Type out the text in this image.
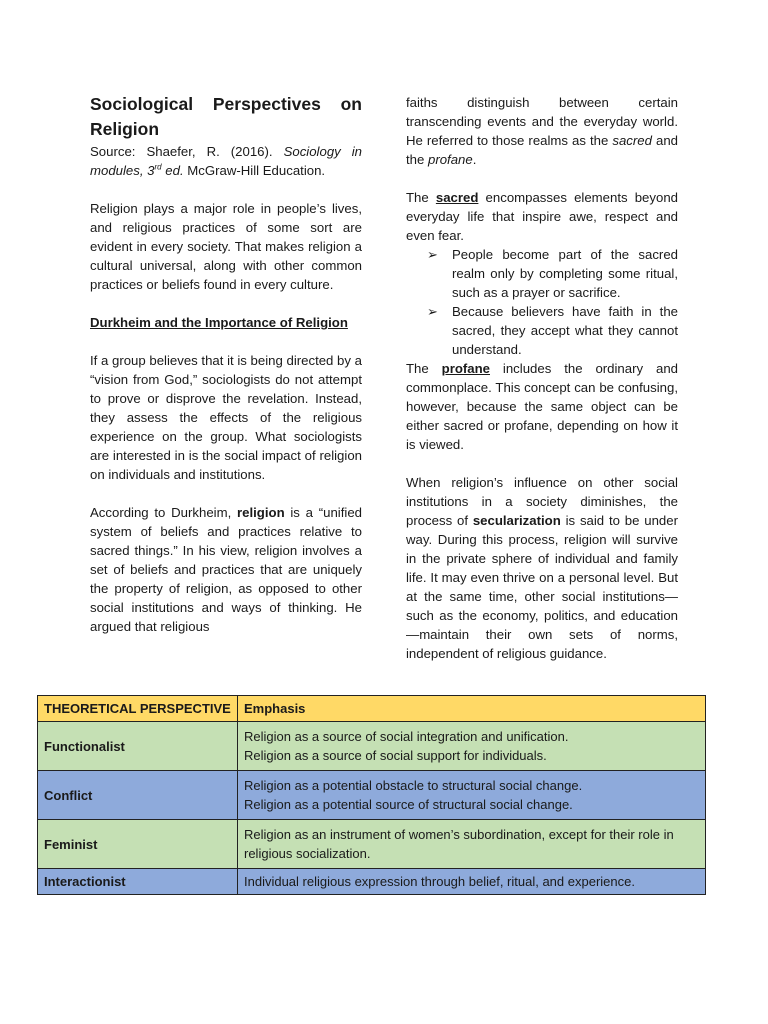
Sociological Perspectives on
Religion

Source: Shaefer, R. (2016). Sociology in modules, 3rd ed. McGraw-Hill Education.

Religion plays a major role in people’s lives, and religious practices of some sort are evident in every society. That makes religion a cultural universal, along with other common practices or beliefs found in every culture.

Durkheim and the Importance of Religion

If a group believes that it is being directed by a “vision from God,” sociologists do not attempt to prove or disprove the revelation. Instead, they assess the effects of the religious experience on the group. What sociologists are interested in is the social impact of religion on individuals and institutions.

According to Durkheim, religion is a “unified system of beliefs and practices relative to sacred things.” In his view, religion involves a set of beliefs and practices that are uniquely the property of religion, as opposed to other social institutions and ways of thinking. He argued that religious

faiths distinguish between certain transcending events and the everyday world. He referred to those realms as the sacred and the profane.

The sacred encompasses elements beyond everyday life that inspire awe, respect and even fear.

➢ People become part of the sacred realm only by completing some ritual, such as a prayer or sacrifice.
➢ Because believers have faith in the sacred, they accept what they cannot understand.

The profane includes the ordinary and commonplace. This concept can be confusing, however, because the same object can be either sacred or profane, depending on how it is viewed.

When religion’s influence on other social institutions in a society diminishes, the process of secularization is said to be under way. During this process, religion will survive in the private sphere of individual and family life. It may even thrive on a personal level. But at the same time, other social institutions—such as the economy, politics, and education—maintain their own sets of norms, independent of religious guidance.

THEORETICAL PERSPECTIVE	Emphasis
Functionalist	Religion as a source of social integration and unification.
Religion as a source of social support for individuals.

Conflict	Religion as a potential obstacle to structural social change.
Religion as a potential source of structural social change.

Feminist	Religion as an instrument of women’s subordination, except for their role in religious socialization.

Interactionist	Individual religious expression through belief, ritual, and experience.
